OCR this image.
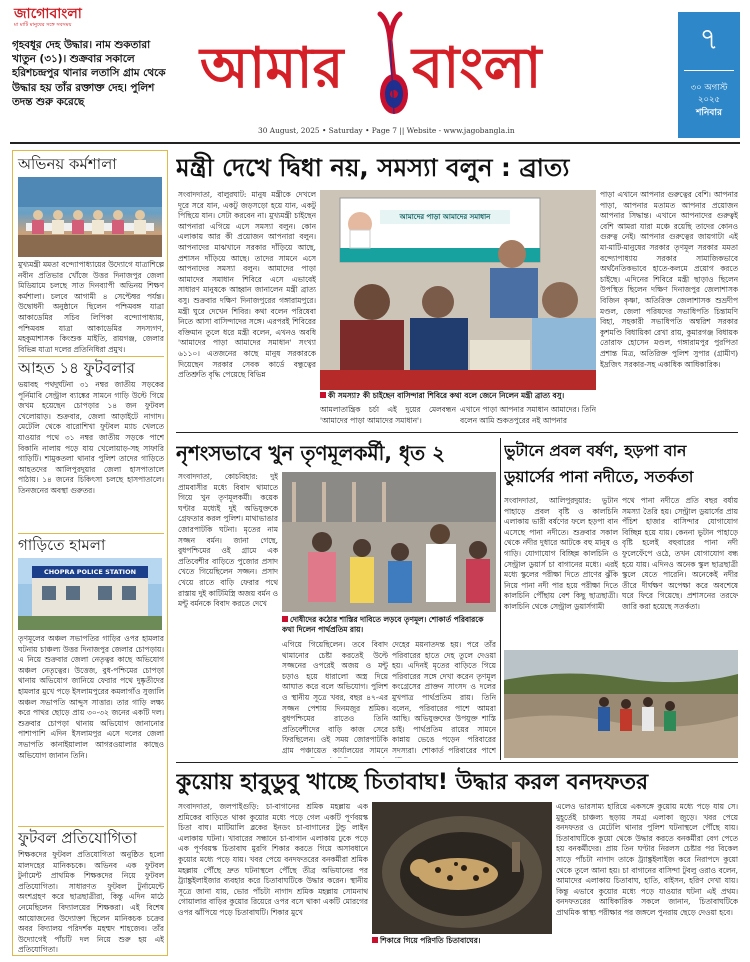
জাগোবাংলা
মা মাটি মানুষের সঙ্গে সবসময়
গৃহবধূর দেহ উদ্ধার। নাম শুকতারা খাতুন (৩১)। শুক্রবার সকালে হরিশচন্দ্রপুর থানার লতাসি গ্রাম থেকে উদ্ধার হয় তাঁর রক্তাক্ত দেহ। পুলিশ তদন্ত শুরু করেছে
আমার বাংলা
30 August, 2025 • Saturday • Page 7 || Website - www.jagobangla.in
৭
৩০ অগাস্ট
২০২৫
শনিবার
অভিনয় কর্মশালা
মুখ্যমন্ত্রী মমতা বন্দ্যোপাধ্যায়ের উদ্যোগে যাত্রাশিল্পে নবীন প্রতিভার খোঁজে উত্তর দিনাজপুর জেলা মিডিয়ামে চলছে সাত দিনব্যাপী অভিনয় শিক্ষণ কর্মশালা। চলবে আগামী ৪ সেপ্টেম্বর পর্যন্ত। উদ্বোধনী অনুষ্ঠানে ছিলেন পশ্চিমবঙ্গ যাত্রা আকাডেমির সচিব লিপিকা বন্দ্যোপাধ্যায়, পশ্চিমবঙ্গ যাত্রা আকাডেমির সদস্যগণ, মহকুমাশাসক কিংশুক মাইতি, রায়গঞ্জ, জেলার বিভিন্ন যাত্রা দলের প্রতিনিধিরা প্রমুখ।
আহত ১৪ ফুটবলার
ভয়াবহ পথদুর্ঘটনা ৩১ নম্বর জাতীয় সড়কের পূর্নিমাবি সেন্ট্রাল ব্যাঙ্কের সামনে গাড়ি উল্টে গিয়ে জখম হয়েছেন চোপড়ার ১৪ জন ফুটবল খেলোয়াড়। শুক্রবার, জেলা আড়াইটে নাগাদ। মেটেলি থেকে বারোশিখা ফুটবল ম্যাচ খেলতে যাওয়ার পথে ৩১ নম্বর জাতীয় সড়কে পাশে বিকানি নালায় পড়ে যায় খেলোয়াড়-সহ সাফারি গাড়িটি। শামুকতলা থানার পুলিশ তাদের গাড়িতে আহতদের আলিপুরদুয়ার জেলা হাসপাতালে পাঠায়। ১৪ জনের চিকিৎসা চলছে হাসপাতালে। তিনজনের অবস্থা গুরুতর।
গাড়িতে হামলা
CHOPRA POLICE STATION
তৃণমূলের অঞ্চল সভাপতির গাড়ির ওপর হামলার ঘটনায় চাঞ্চল্য উত্তর দিনাজপুর জেলার চোপড়ায়। এ নিয়ে শুক্রবার জেলা নেতৃত্বর কাছে অভিযোগ অঞ্চল নেতৃত্বের। উত্তেজ, বুধ-পশ্চিমের চোপড়া থানায় অভিযোগ জানিয়ে ফেরার পথে দুষ্কৃতীদের হামলার মুখে পড়ে ইসলামপুরের কমলাগাঁও সুজালি অঞ্চল সভাপতি আব্দুস সাত্তার। তার গাড়ি লক্ষ্য করে পাথর ছোড়ে প্রায় ৩০-৩২ জনের একটি দল। শুক্রবার চোপড়া থানায় অভিযোগ জানানোর পাশাপাশি এদিন ইসলামপুর এসে দলের জেলা সভাপতি কানাইয়ালাল আগরওয়ালার কাছেও অভিযোগ জানান তিনি।
ফুটবল প্রতিযোগিতা
শিক্ষকদের ফুটবল প্রতিযোগিতা অনুষ্ঠিত হলো মালদহের মানিকচকে। অভিনব এক ফুটবল টুর্নামেন্ট প্রাথমিক শিক্ষকদের নিয়ে ফুটবল প্রতিযোগিতা। সাধারণত ফুটবল টুর্নামেন্টে অংশগ্রহণ করে ছাত্রছাত্রীরা, কিন্তু এদিন মাঠে নেমেছিলেন বিদ্যালয়ের শিক্ষকরা। এই বিশেষ আয়োজনের উদ্যোক্তা ছিলেন মানিকচক চক্রের অবর বিদ্যালয় পরিদর্শক মহম্মদ শাহজেব। তাঁর উদ্যোগেই পাঁচটি দল নিয়ে শুরু হয় এই প্রতিযোগিতা।
মন্ত্রী দেখে দ্বিধা নয়, সমস্যা বলুন : ব্রাত্য
সংবাদদাতা, বালুরঘাট: মানুষ মন্ত্রীকে দেখলে দূরে সরে যান, একটু জড়সড়ো হয়ে যান, একটু পিছিয়ে যান। সেটা করবেন না। মুখ্যমন্ত্রী চাইছেন আপনারা এগিয়ে এসে সমস্যা বলুন। কোন এলাকায় আর কী প্রয়োজন আপনারা বলুন। আপনাদের মাঝখানে সরকার দাঁড়িয়ে আছে, প্রশাসন দাঁড়িয়ে আছে। তাদের সামনে এসে আপনাদের সমস্যা বলুন। আমাদের পাড়া আমাদের সমাধান শিবিরে এসে এভাবেই সাধারণ মানুষকে আহ্বান জানালেন মন্ত্রী ব্রাত্য বসু। শুক্রবার দক্ষিণ দিনাজপুরের গঙ্গারামপুরে। মন্ত্রী ঘুরে দেখেন শিবির। কথা বলেন পরিষেবা নিতে আসা বাসিন্দাদের সঙ্গে। এরপরই শিবিরের বক্তিমান তুলে ধরে মন্ত্রী বলেন, এখনও অবধি 'আমাদের পাড়া আমাদের সমাধান' সংখ্যা ৬১১০। এতজনের কাছে মানুষ সরকারকে দিয়েছেন সরকার সেবক কার্ডে বন্ধুত্বের প্রতিশ্রুতি বৃদ্ধি পেয়েছে বিভিন্ন
আমাদের পাড়া আমাদের সমাধান
কী সমস্যা? কী চাইছেন বাসিন্দারা শিবিরে কথা বলে জেনে নিলেন মন্ত্রী ব্রাত্য বসু।
আমলাতান্ত্রিক চর্চা এই দুয়ের মেলবন্ধন 'আমাদের পাড়া আমাদের সমাধান'।
এখানে পাড়া আপনার সমাধান আমাদের। তিনি বলেন আমি শুকতপুরের নই আপনার
পাড়া এখানে আপনার গুরুত্বের বেশি। আপনার পাড়া, আপনার মতামত আপনার প্রয়োজন আপনার সিদ্ধান্ত। এখানে আপনাদের গুরুত্বই বেশি আমরা যারা মঞ্চে রয়েছি তাদের কোনও গুরুত্ব নেই। আপনার গুরুত্বের জায়গাটা এই মা-মাটি-মানুষের সরকার তৃণমূল সরকার মমতা বন্দ্যোপাধ্যায় সরকার সামাজিকভাবে অর্থনৈতিকভাবে হাতে-কলমে প্রয়োগ করতে চাইছে। এদিনের শিবিরে মন্ত্রী ছাড়াও ছিলেন উপস্থিত ছিলেন দক্ষিণ দিনাজপুর জেলাশাসক বিজিন কৃষ্ণা, অতিরিক্ত জেলাশাসক শুভ্রদীপ মণ্ডল, জেলা পরিষদের সভাধিপতি চিন্তামণি বিহা, সহকারী সভাধিপতি অম্বরিশ সরকার কুশমণ্ডি বিধায়িকা রেখা রায়, কুমারগঞ্জ বিধায়ক তোরাফ হোসেন মণ্ডল, গঙ্গারামপুর পুরপিতা প্রশান্ত মিত্র, অতিরিক্ত পুলিশ সুপার (গ্রামীণ) ইদ্রজিৎ সরকার-সহ একাধিক আধিকারিক।
নৃশংসভাবে খুন তৃণমূলকর্মী, ধৃত ২
সংবাদদাতা, কোচবিহার: দুই প্রামবাসীর মধ্যে বিবাদ থামাতে গিয়ে খুন তৃণমূলকর্মী। কয়েক ঘণ্টার মধ্যেই দুই অভিযুক্তকে গ্রেফতার করল পুলিশ। মাথাভাঙার জোরপাটকি ঘটনা। মৃতের নাম সজ্জন বর্মন। জানা গেছে, বুধপশ্চিমের ওই গ্রামে এক প্রতিবেশীর বাড়িতে পুজোর প্রসাদ খেতে গিয়েছিলেন সজ্জন। প্রসাদ খেয়ে রাতে বাড়ি ফেরার পথে রাস্তায় দুই কাটিমিস্ত্রি অজয় বর্মন ও মন্টু বর্মনকে বিবাদ করতে দেখে
দোষীদের কঠোর শাস্তির দাবিতে লড়বে তৃণমূল। শোকার্ত পরিবারকে কথা দিলেন পার্থপ্রতিম রায়।
দেহের ময়নাতদন্ত হয়। পরে তাঁর পরিবারের হাতে দেহ তুলে দেওয়া হয়। এদিনই মৃতের বাড়িতে গিয়ে পরিবারের সঙ্গে দেখা করেন তৃণমূল কংগ্রেসের প্রাক্তন সাংসদ ও দলের মুখপাত্র পার্থপ্রতিম রায়। তিনি বলেন, পরিবারের পাশে আমরা আছি। অভিযুক্তদের উপযুক্ত শাস্তি চাই। পার্থপ্রতিম রায়ের সামনে কান্নায় ভেঙে পড়েন পরিবারের সদস্যরা। শোকার্ত পরিবারের পাশে
এগিয়ে গিয়েছিলেন। তবে বিবাদ থামানোর চেষ্টা করতেই উল্টে সজ্জনের ওপরেই অজয় ও মন্টু চড়াও হয়ে ধারালো অস্ত্র দিয়ে আঘাত করে বলে অভিযোগ। পুলিশ ও স্থানীয় সূত্রে খবর, বছর ৪৭-এর সজ্জন পেশায় দিনমজুর শ্রমিক। বুধপশ্চিমের রাতেও তিনি প্রতিবেশীদের বাড়ি কাজ সেরে ফিরছিলেন। ওই সময় জোরপাটকি গ্রাম পঞ্চায়েত কার্যালয়ের সামনে
ভুটানে প্রবল বর্ষণ, হড়পা বান ডুয়ার্সের পানা নদীতে, সতর্কতা
সংবাদদাতা, আলিপুরদুয়ার: ভুটান পাহাড়ে প্রবল বৃষ্টি ও কালচিনি এলাকায় ভারী বর্ষণের ফলে হড়পা বান এসেছে পানা নদীতে। শুক্রবার সকাল থেকে নদীর দুধারে আটকে বহু মানুষ ও গাড়ি। যোগাযোগ বিচ্ছিন্ন কালচিনি ও সেন্ট্রাল ডুয়ার্স চা বাগানের মধ্যে। এরই মধ্যে স্কুলের পরীক্ষা দিতে প্রাণের ঝুঁকি নিয়ে পানা নদী পার হয়ে পরীক্ষা দিতে কালচিনি পৌঁছায় বেশ কিছু ছাত্রছাত্রী। কালচিনি থেকে সেন্ট্রাল ডুয়ার্সগামী
পথে পানা নদীতে প্রতি বছর বর্ষায় সমস্যা তৈরি হয়। সেন্ট্রাল ডুয়ার্সের প্রায় পঁচিশ হাজার বাসিন্দার যোগাযোগ বিচ্ছিন্ন হয়ে যায়। কেননা ভুটান পাহাড়ে বৃষ্টি হলেই বহুবারের পানা নদী ফুলেফেঁপে ওঠে, তখন যোগাযোগ বন্ধ হয়ে যায়। এদিনও অনেক স্কুল ছাত্রছাত্রী স্কুলে যেতে পারেনি। অনেকেই নদীর তীরে দীর্ঘক্ষণ অপেক্ষা করে অবশেষে ঘরে ফিরে গিয়েছে। প্রশাসনের তরফে জারি করা হয়েছে সতর্কতা।
কুয়োয় হাবুডুবু খাচ্ছে চিতাবাঘ! উদ্ধার করল বনদফতর
সংবাদদাতা, জলপাইগুড়ি: চা-বাগানের শ্রমিক মহল্লায় এক শ্রমিকের বাড়িতে থাকা কুয়োর মধ্যে পড়ে গেল একটি পূর্ণবয়স্ক চিতা বাঘ। মাটিয়ালি ব্লকের ইনডং চা-বাগানের টুন্ডু লাইন এলাকায় ঘটনা। খাবারের সন্ধানে চা-বাগান এলাকায় ঢুকে পড়ে এক পূর্ণবয়স্ক চিতাবাঘ মুরগি শিকার করতে গিয়ে অসাবধানে কুয়োর মধ্যে পড়ে যায়। খবর পেয়ে বনদফতরের বনকর্মীরা শ্রমিক মহল্লায় পৌঁছে দ্রুত ঘটনাস্থলে পৌঁছে তীব্র অভিযানের পর ট্র্যাঙ্কুইলাইজার ব্যবহার করে চিতাবাঘটিকে উদ্ধার করেন। স্থানীয় সূত্রে জানা যায়, ভোর পাঁচটা নাগাদ শ্রমিক মহল্লায় সোমনাথ গোয়ালার বাড়ির কুয়োর রিয়েরে ওপর বসে থাকা একটি মোরগের ওপর ঝাঁপিয়ে পড়ে চিতাবাঘটি। শিকার মুখে
শিকারে গিয়ে পরিণতি চিতাবাঘের।
এলেও ভারসাম্য হারিয়ে একসঙ্গে কুয়োয় মধ্যে পড়ে যায় সে। মুহূর্তেই চাঞ্চল্য ছড়ায় সমগ্র এলাকা জুড়ে। খবর পেয়ে বনদফতর ও মেটেলি থানার পুলিশ ঘটনাস্থলে পৌঁছে যায়। চিতাবাঘটিকে কুয়ো থেকে উদ্ধার করতে বনকর্মীরা বেগ পেতে হয় বনকর্মীদের। প্রায় তিন ঘণ্টার নিরলস চেষ্টার পর বিকেল সাড়ে পাঁচটা নাগাদ তাকে ট্র্যাঙ্কুইলাইজ করে নিরাপদে কুয়ো থেকে তুলে আনা হয়। চা বাগানের বাসিন্দা টুবলু ওরাও বলেন, আমাদের এলাকায় চিতাবাঘ, হাতি, বাইসন, হরিণ দেখা যায়। কিন্তু এভাবে কুয়োর মধ্যে পড়ে যাওয়ার ঘটনা এই প্রথম। বনদফতরের আধিকারিক সকলে জানান, চিতাবাঘটিকে প্রাথমিক স্বাস্থ্য পরীক্ষার পর জঙ্গলে পুনরায় ছেড়ে দেওয়া হবে।
